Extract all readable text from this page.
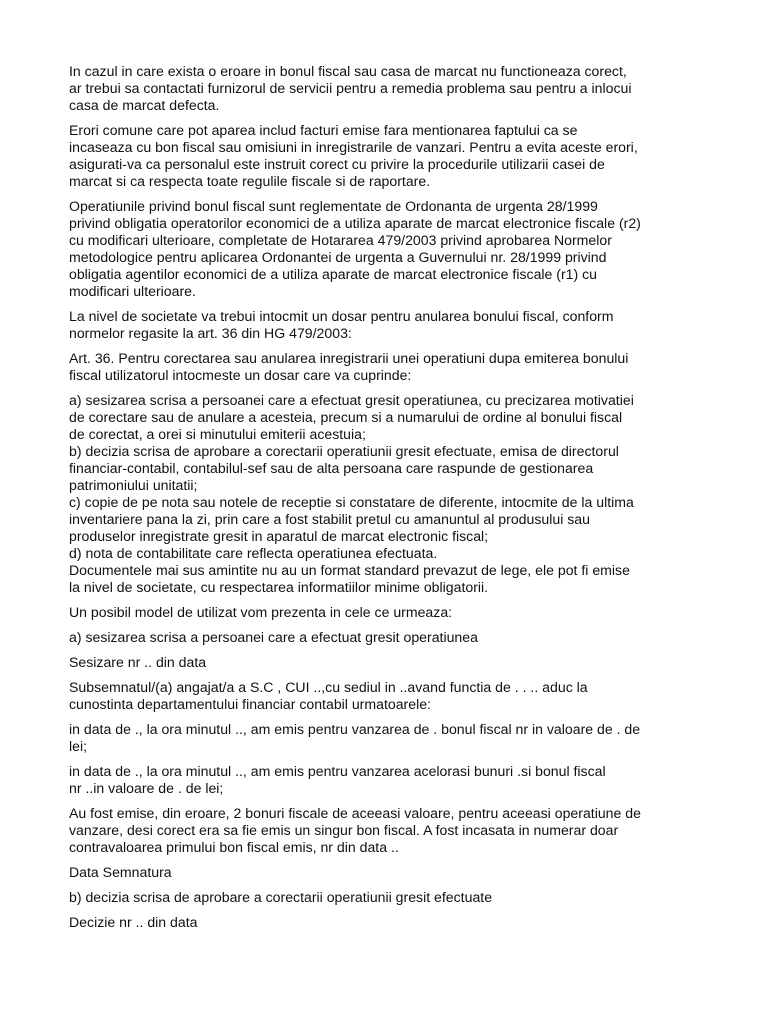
In cazul in care exista o eroare in bonul fiscal sau casa de marcat nu functioneaza corect,
ar trebui sa contactati furnizorul de servicii pentru a remedia problema sau pentru a inlocui
casa de marcat defecta.

Erori comune care pot aparea includ facturi emise fara mentionarea faptului ca se
incaseaza cu bon fiscal sau omisiuni in inregistrarile de vanzari. Pentru a evita aceste erori,
asigurati-va ca personalul este instruit corect cu privire la procedurile utilizarii casei de
marcat si ca respecta toate regulile fiscale si de raportare.

Operatiunile privind bonul fiscal sunt reglementate de Ordonanta de urgenta 28/1999
privind obligatia operatorilor economici de a utiliza aparate de marcat electronice fiscale (r2)
cu modificari ulterioare, completate de Hotararea 479/2003 privind aprobarea Normelor
metodologice pentru aplicarea Ordonantei de urgenta a Guvernului nr. 28/1999 privind
obligatia agentilor economici de a utiliza aparate de marcat electronice fiscale (r1) cu
modificari ulterioare.

La nivel de societate va trebui intocmit un dosar pentru anularea bonului fiscal, conform
normelor regasite la art. 36 din HG 479/2003:

Art. 36. Pentru corectarea sau anularea inregistrarii unei operatiuni dupa emiterea bonului
fiscal utilizatorul intocmeste un dosar care va cuprinde:

a) sesizarea scrisa a persoanei care a efectuat gresit operatiunea, cu precizarea motivatiei
de corectare sau de anulare a acesteia, precum si a numarului de ordine al bonului fiscal
de corectat, a orei si minutului emiterii acestuia;
b) decizia scrisa de aprobare a corectarii operatiunii gresit efectuate, emisa de directorul
financiar-contabil, contabilul-sef sau de alta persoana care raspunde de gestionarea
patrimoniului unitatii;
c) copie de pe nota sau notele de receptie si constatare de diferente, intocmite de la ultima
inventariere pana la zi, prin care a fost stabilit pretul cu amanuntul al produsului sau
produselor inregistrate gresit in aparatul de marcat electronic fiscal;
d) nota de contabilitate care reflecta operatiunea efectuata.
Documentele mai sus amintite nu au un format standard prevazut de lege, ele pot fi emise
la nivel de societate, cu respectarea informatiilor minime obligatorii.

Un posibil model de utilizat vom prezenta in cele ce urmeaza:

a) sesizarea scrisa a persoanei care a efectuat gresit operatiunea

Sesizare nr .. din data

Subsemnatul/(a) angajat/a a S.C , CUI ..,cu sediul in ..avand functia de . . .. aduc la
cunostinta departamentului financiar contabil urmatoarele:

in data de ., la ora minutul .., am emis pentru vanzarea de . bonul fiscal nr in valoare de . de
lei;

in data de ., la ora minutul .., am emis pentru vanzarea acelorasi bunuri .si bonul fiscal
nr ..in valoare de . de lei;

Au fost emise, din eroare, 2 bonuri fiscale de aceeasi valoare, pentru aceeasi operatiune de
vanzare, desi corect era sa fie emis un singur bon fiscal. A fost incasata in numerar doar
contravaloarea primului bon fiscal emis, nr din data ..

Data Semnatura

b) decizia scrisa de aprobare a corectarii operatiunii gresit efectuate

Decizie nr .. din data
